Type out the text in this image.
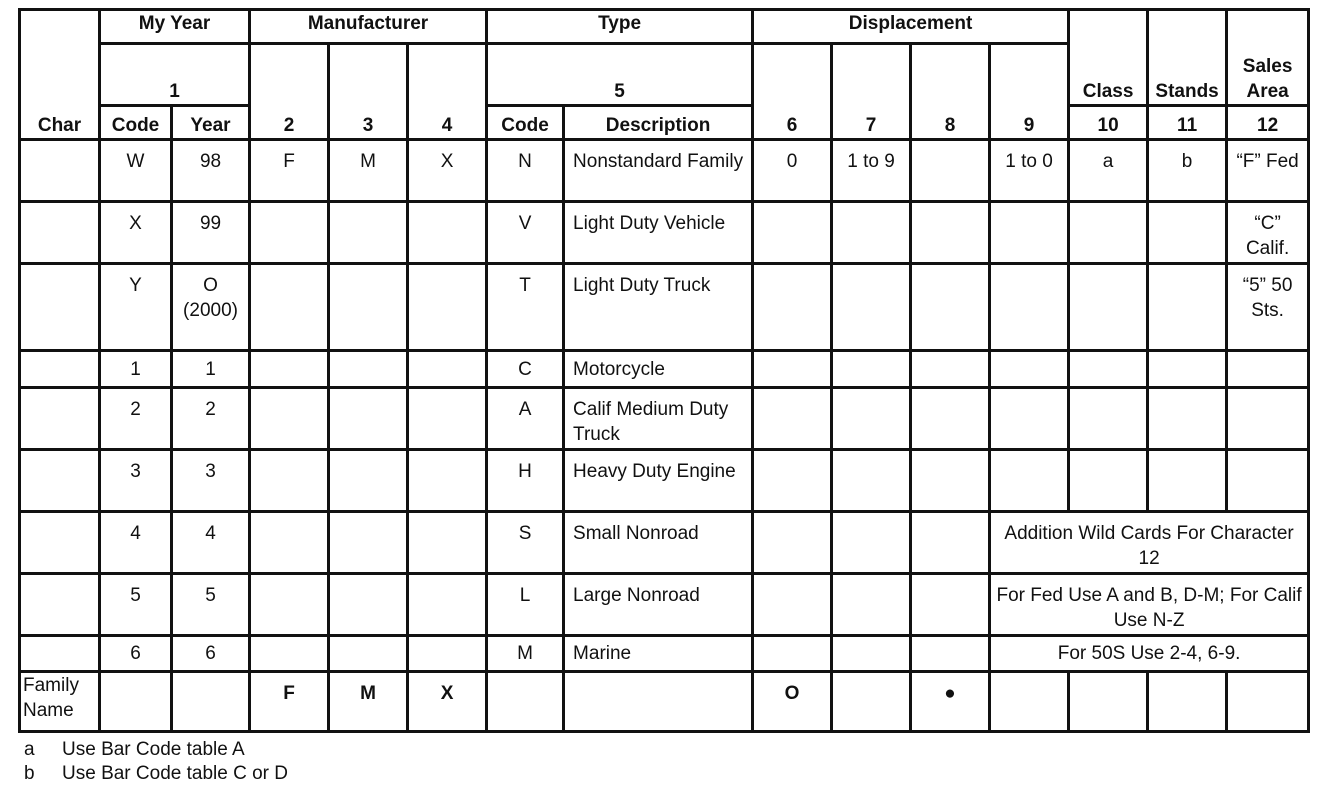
Char	My Year		Manufacturer			Type		Displacement				Class	Stands	Sales Area
	1		2	3	4	5		6	7	8	9			
	Code	Year				Code	Description					10	11	12
	W	98	F	M	X	N	Nonstandard Family	0	1 to 9		1 to 0	a	b	“F” Fed
	X	99				V	Light Duty Vehicle							“C” Calif.
	Y	O (2000)				T	Light Duty Truck							“5” 50 Sts.
	1	1				C	Motorcycle							
	2	2				A	Calif Medium Duty Truck							
	3	3				H	Heavy Duty Engine							
	4	4				S	Small Nonroad				Addition Wild Cards For Character 12			
	5	5				L	Large Nonroad				For Fed Use A and B, D-M; For Calif Use N-Z			
	6	6				M	Marine				For 50S Use 2-4, 6-9.			
Family Name			F	M	X			O		●				
a Use Bar Code table A
b Use Bar Code table C or D
